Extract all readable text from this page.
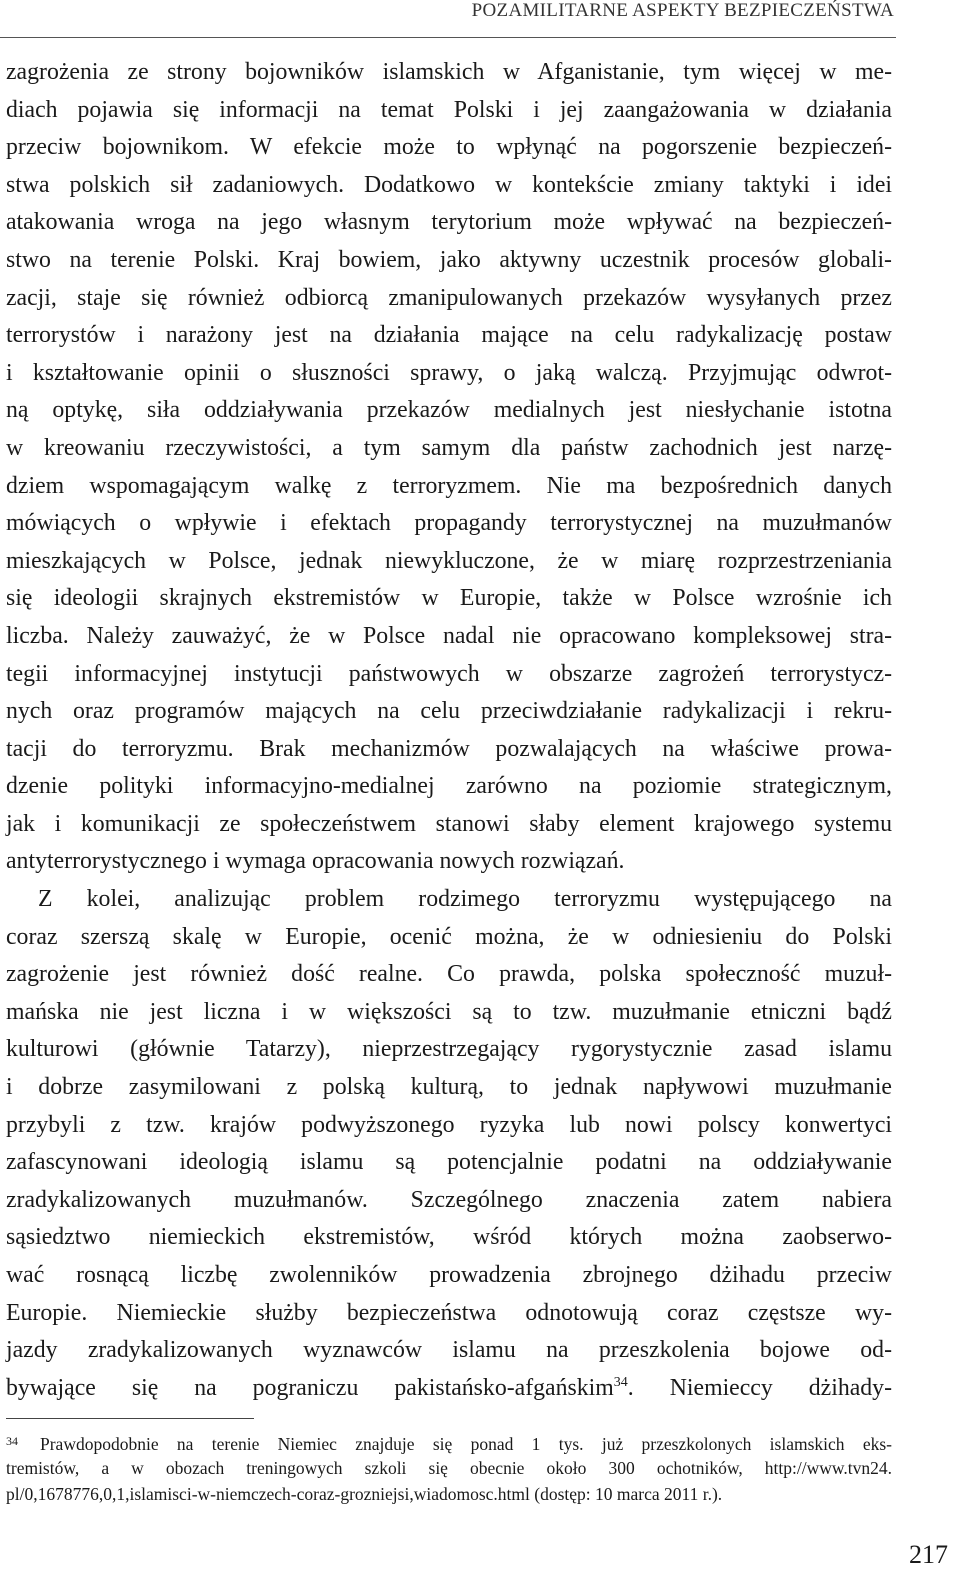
POZAMILITARNE ASPEKTY BEZPIECZEŃSTWA
zagrożenia ze strony bojowników islamskich w Afganistanie, tym więcej w me-
diach pojawia się informacji na temat Polski i jej zaangażowania w działania
przeciw bojownikom. W efekcie może to wpłynąć na pogorszenie bezpieczeń-
stwa polskich sił zadaniowych. Dodatkowo w kontekście zmiany taktyki i idei
atakowania wroga na jego własnym terytorium może wpływać na bezpieczeń-
stwo na terenie Polski. Kraj bowiem, jako aktywny uczestnik procesów globali-
zacji, staje się również odbiorcą zmanipulowanych przekazów wysyłanych przez
terrorystów i narażony jest na działania mające na celu radykalizację postaw
i kształtowanie opinii o słuszności sprawy, o jaką walczą. Przyjmując odwrot-
ną optykę, siła oddziaływania przekazów medialnych jest niesłychanie istotna
w kreowaniu rzeczywistości, a tym samym dla państw zachodnich jest narzę-
dziem wspomagającym walkę z terroryzmem. Nie ma bezpośrednich danych
mówiących o wpływie i efektach propagandy terrorystycznej na muzułmanów
mieszkających w Polsce, jednak niewykluczone, że w miarę rozprzestrzeniania
się ideologii skrajnych ekstremistów w Europie, także w Polsce wzrośnie ich
liczba. Należy zauważyć, że w Polsce nadal nie opracowano kompleksowej stra-
tegii informacyjnej instytucji państwowych w obszarze zagrożeń terrorystycz-
nych oraz programów mających na celu przeciwdziałanie radykalizacji i rekru-
tacji do terroryzmu. Brak mechanizmów pozwalających na właściwe prowa-
dzenie polityki informacyjno-medialnej zarówno na poziomie strategicznym,
jak i komunikacji ze społeczeństwem stanowi słaby element krajowego systemu
antyterrorystycznego i wymaga opracowania nowych rozwiązań.
Z kolei, analizując problem rodzimego terroryzmu występującego na
coraz szerszą skalę w Europie, ocenić można, że w odniesieniu do Polski
zagrożenie jest również dość realne. Co prawda, polska społeczność muzuł-
mańska nie jest liczna i w większości są to tzw. muzułmanie etniczni bądź
kulturowi (głównie Tatarzy), nieprzestrzegający rygorystycznie zasad islamu
i dobrze zasymilowani z polską kulturą, to jednak napływowi muzułmanie
przybyli z tzw. krajów podwyższonego ryzyka lub nowi polscy konwertyci
zafascynowani ideologią islamu są potencjalnie podatni na oddziaływanie
zradykalizowanych muzułmanów. Szczególnego znaczenia zatem nabiera
sąsiedztwo niemieckich ekstremistów, wśród których można zaobserwo-
wać rosnącą liczbę zwolenników prowadzenia zbrojnego dżihadu przeciw
Europie. Niemieckie służby bezpieczeństwa odnotowują coraz częstsze wy-
jazdy zradykalizowanych wyznawców islamu na przeszkolenia bojowe od-
bywające się na pograniczu pakistańsko-afgańskim$^{34}$. Niemieccy dżihady-
$^{34}$ Prawdopodobnie na terenie Niemiec znajduje się ponad 1 tys. już przeszkolonych islamskich eks-
tremistów, a w obozach treningowych szkoli się obecnie około 300 ochotników, http://www.tvn24.
pl/0,1678776,0,1,islamisci-w-niemczech-coraz-grozniejsi,wiadomosc.html (dostęp: 10 marca 2011 r.).
217
